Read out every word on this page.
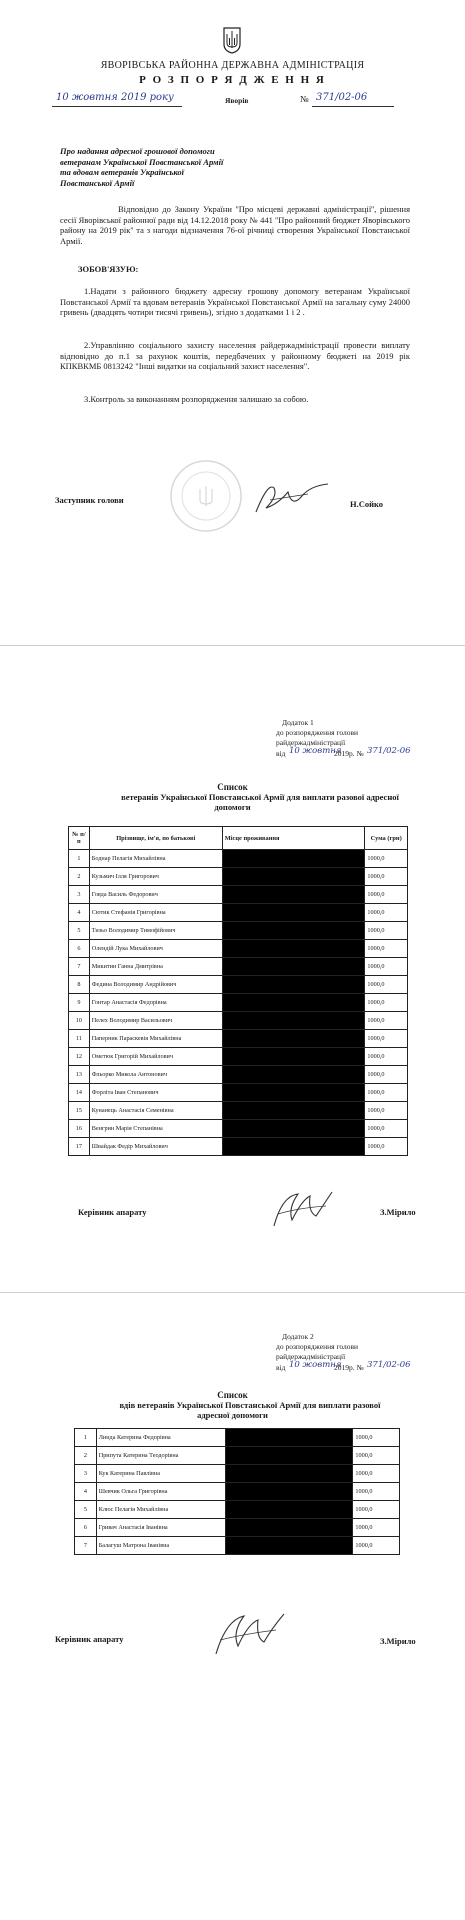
ЯВОРІВСЬКА РАЙОННА ДЕРЖАВНА АДМІНІСТРАЦІЯ
Р О З П О Р Я Д Ж Е Н Н Я
10 жовтня 2019 року	Яворів	№ 371/02-06
Про надання адресної грошової допомоги ветеранам Української Повстанської Армії та вдовам ветеранів Української Повстанської Армії
Відповідно до Закону України ''Про місцеві державні адміністрації'', рішення сесії Яворівської районної ради від 14.12.2018 року № 441 ''Про районний бюджет Яворівського району на 2019 рік'' та з нагоди відзначення 76-ої річниці створення Української Повстанської Армії.
ЗОБОВ'ЯЗУЮ:
1.Надати з районного бюджету адресну грошову допомогу ветеранам Української Повстанської Армії та вдовам ветеранів Української Повстанської Армії на загальну суму 24000 гривень (двадцять чотири тисячі гривень), згідно з додатками 1 і 2 .
2.Управлінню соціального захисту населення райдержадміністрації провести виплату відповідно до п.1 за рахунок коштів, передбачених у районному бюджеті на 2019 рік КПКВКМБ 0813242 "Інші видатки на соціальний захист населення".
3.Контроль за виконанням розпорядження залишаю за собою.
Заступник голови	Н.Сойко
Додаток 1
до розпорядження голови
райдержадміністрації
від 10 жовтня
2019р. № 371/02-06
Список
ветеранів Української Повстанської Армії для виплати разової адресної
допомоги
№ п/п	Прізвище, ім'я, по батькові	Місце проживання	Сума (грн)
1	Боднар Пелагія Михайлівна		1000,0
2	Кузьмич Ілля Григорович		1000,0
3	Говда Василь Федорович		1000,0
4	Сютик Стефанія Григорівна		1000,0
5	Тизьо Володимир Тимофійович		1000,0
6	Олендій Лука Михайлович		1000,0
7	Микитин Ганна Дмитрівна		1000,0
8	Федина Володимир Андрійович		1000,0
9	Гонтар Анастасія Федорівна		1000,0
10	Пелех Володимир Васильович		1000,0
11	Паперник Параскевія Михайлівна		1000,0
12	Ометюк Григорій Михайлович		1000,0
13	Фльорко Микола Антонович		1000,0
14	Форліта Іван Степанович		1000,0
15	Кунанець Анастасія Семенівна		1000,0
16	Венгрин Марія Степанівна		1000,0
17	Швайдак Федір Михайлович		1000,0
Керівник апарату	З.Мірило
Додаток 2
до розпорядження голови
райдержадміністрації
від 10 жовтня
2019р. № 371/02-06
Список
вдів ветеранів Української Повстанської Армії для виплати разової
адресної допомоги
1	Линда Катерина Федорівна		1000,0
2	Припута Катерина Теодорівна		1000,0
3	Кук Катерина Павлівна		1000,0
4	Шевчик Ольга Григорівна		1000,0
5	Клюс Пелагія Михайлівна		1000,0
6	Гривач Анастасія Іванівна		1000,0
7	Балагуш Матрона Іванівна		1000,0
Керівник апарату	З.Мірило
